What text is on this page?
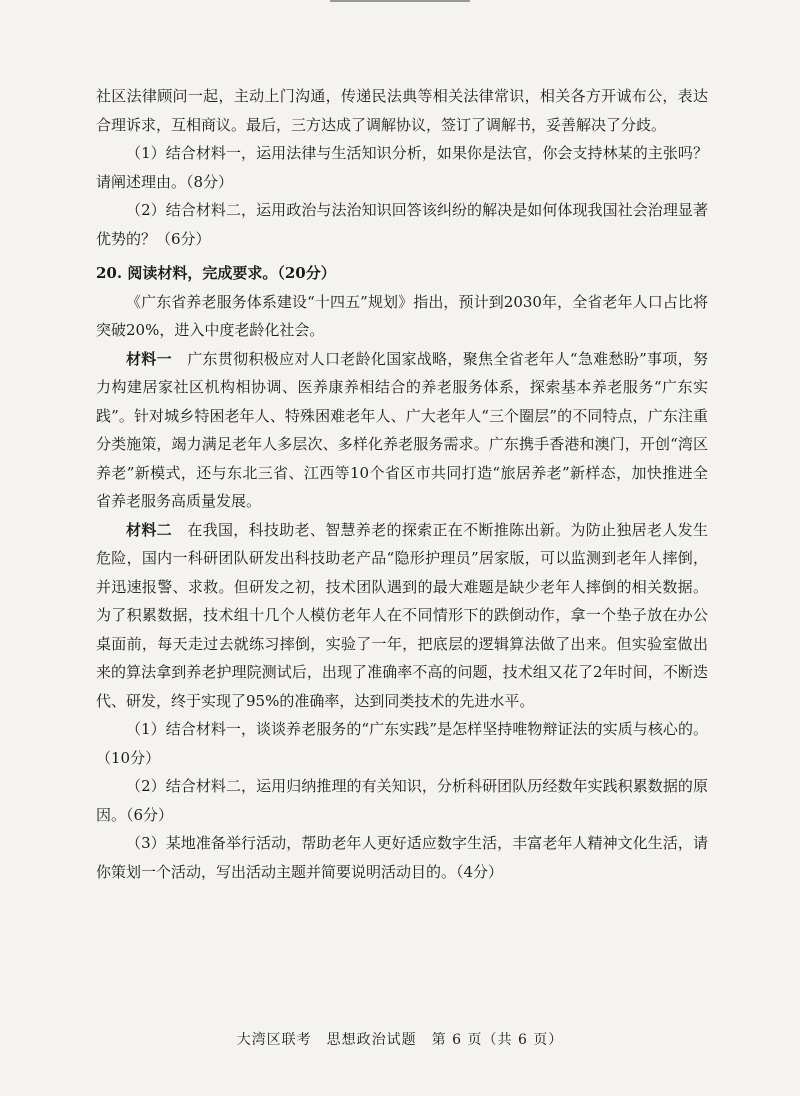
社区法律顾问一起，主动上门沟通，传递民法典等相关法律常识，相关各方开诚布公，表达合理诉求，互相商议。最后，三方达成了调解协议，签订了调解书，妥善解决了分歧。

（1）结合材料一，运用法律与生活知识分析，如果你是法官，你会支持林某的主张吗？请阐述理由。（8分）

（2）结合材料二，运用政治与法治知识回答该纠纷的解决是如何体现我国社会治理显著优势的？（6分）

20. 阅读材料，完成要求。（20分）

《广东省养老服务体系建设“十四五”规划》指出，预计到2030年，全省老年人口占比将突破20%，进入中度老龄化社会。

材料一　 广东贯彻积极应对人口老龄化国家战略，聚焦全省老年人“急难愁盼”事项，努力构建居家社区机构相协调、医养康养相结合的养老服务体系，探索基本养老服务“广东实践”。针对城乡特困老年人、特殊困难老年人、广大老年人“三个圈层”的不同特点，广东注重分类施策，竭力满足老年人多层次、多样化养老服务需求。广东携手香港和澳门，开创“湾区养老”新模式，还与东北三省、江西等10个省区市共同打造“旅居养老”新样态，加快推进全省养老服务高质量发展。

材料二　 在我国，科技助老、智慧养老的探索正在不断推陈出新。为防止独居老人发生危险，国内一科研团队研发出科技助老产品“隐形护理员”居家版，可以监测到老年人摔倒，并迅速报警、求救。但研发之初，技术团队遇到的最大难题是缺少老年人摔倒的相关数据。为了积累数据，技术组十几个人模仿老年人在不同情形下的跌倒动作，拿一个垫子放在办公桌面前，每天走过去就练习摔倒，实验了一年，把底层的逻辑算法做了出来。但实验室做出来的算法拿到养老护理院测试后，出现了准确率不高的问题，技术组又花了2年时间，不断迭代、研发，终于实现了95%的准确率，达到同类技术的先进水平。

（1）结合材料一，谈谈养老服务的“广东实践”是怎样坚持唯物辩证法的实质与核心的。（10分）

（2）结合材料二，运用归纳推理的有关知识，分析科研团队历经数年实践积累数据的原因。（6分）

（3）某地准备举行活动，帮助老年人更好适应数字生活，丰富老年人精神文化生活，请你策划一个活动，写出活动主题并简要说明活动目的。（4分）

大湾区联考　思想政治试题　第 6 页（共 6 页）
